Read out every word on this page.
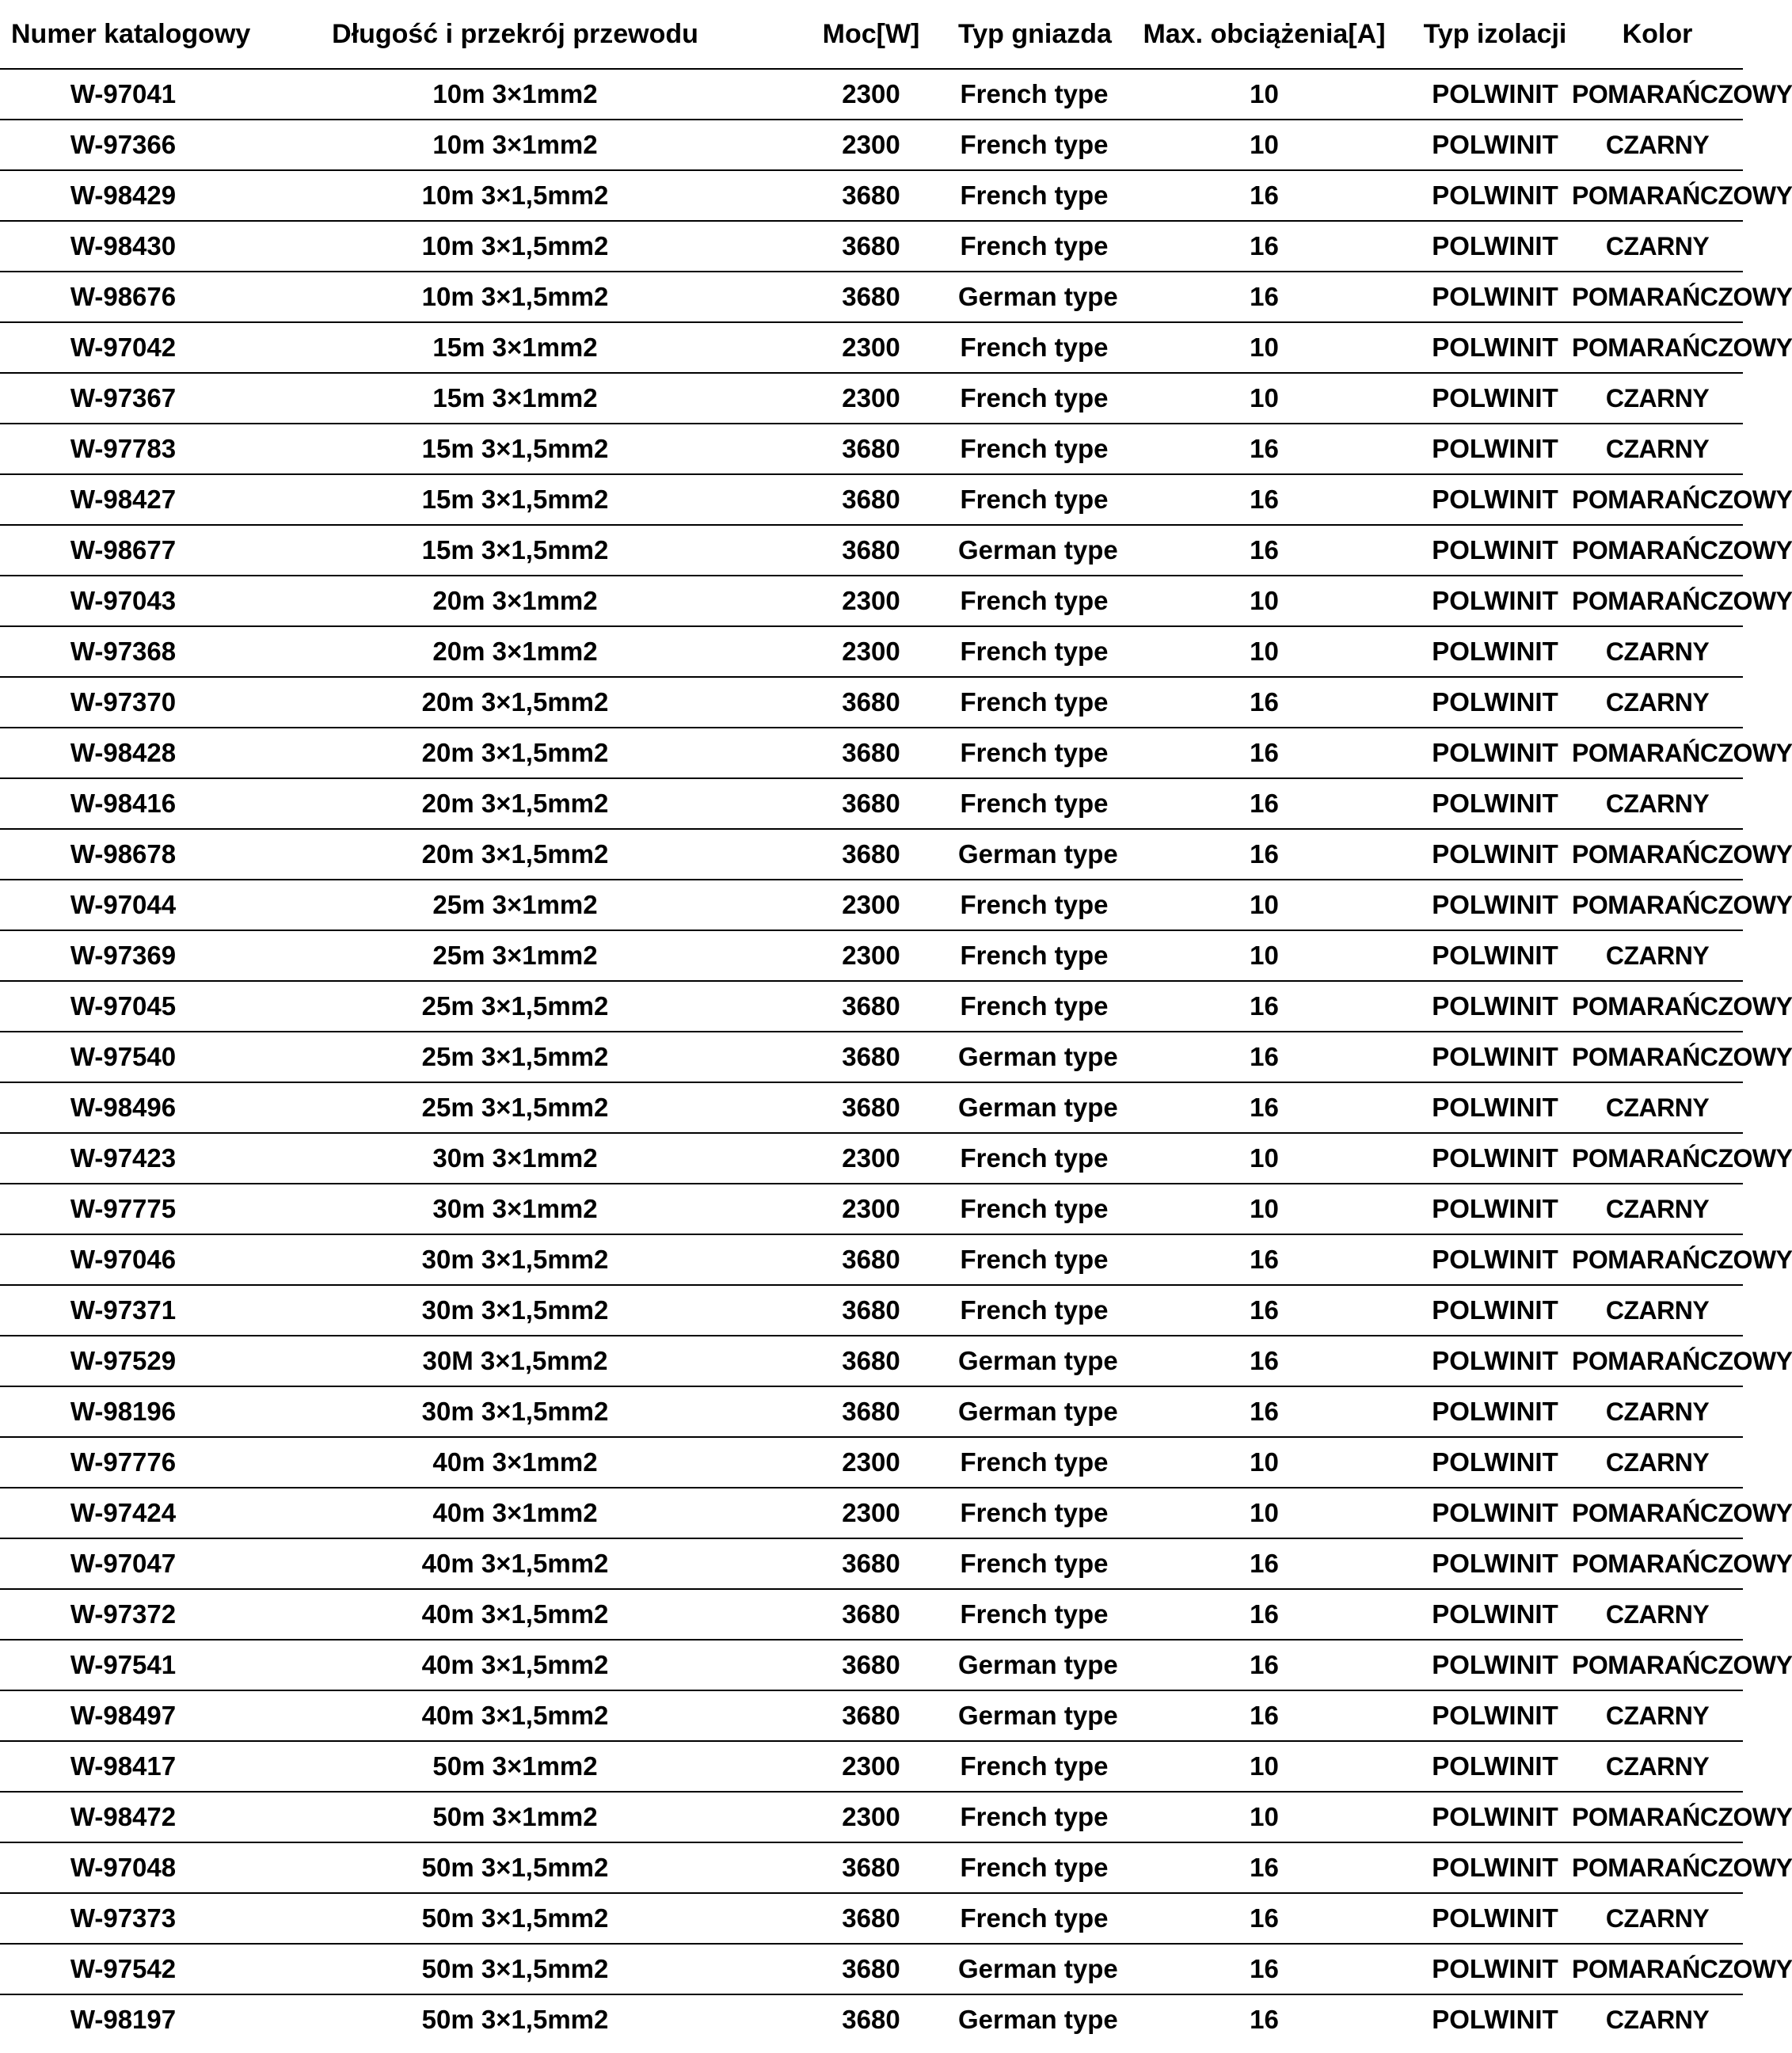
Numer katalogowy	Długość i przekrój przewodu	Moc[W]	Typ gniazda	Max. obciążenia[A]	Typ izolacji	Kolor
W-97041	10m 3×1mm2	2300	French type	10	POLWINIT	POMARAŃCZOWY
W-97366	10m 3×1mm2	2300	French type	10	POLWINIT	CZARNY
W-98429	10m 3×1,5mm2	3680	French type	16	POLWINIT	POMARAŃCZOWY
W-98430	10m 3×1,5mm2	3680	French type	16	POLWINIT	CZARNY
W-98676	10m 3×1,5mm2	3680	German type	16	POLWINIT	POMARAŃCZOWY
W-97042	15m 3×1mm2	2300	French type	10	POLWINIT	POMARAŃCZOWY
W-97367	15m 3×1mm2	2300	French type	10	POLWINIT	CZARNY
W-97783	15m 3×1,5mm2	3680	French type	16	POLWINIT	CZARNY
W-98427	15m 3×1,5mm2	3680	French type	16	POLWINIT	POMARAŃCZOWY
W-98677	15m 3×1,5mm2	3680	German type	16	POLWINIT	POMARAŃCZOWY
W-97043	20m 3×1mm2	2300	French type	10	POLWINIT	POMARAŃCZOWY
W-97368	20m 3×1mm2	2300	French type	10	POLWINIT	CZARNY
W-97370	20m 3×1,5mm2	3680	French type	16	POLWINIT	CZARNY
W-98428	20m 3×1,5mm2	3680	French type	16	POLWINIT	POMARAŃCZOWY
W-98416	20m 3×1,5mm2	3680	French type	16	POLWINIT	CZARNY
W-98678	20m 3×1,5mm2	3680	German type	16	POLWINIT	POMARAŃCZOWY
W-97044	25m 3×1mm2	2300	French type	10	POLWINIT	POMARAŃCZOWY
W-97369	25m 3×1mm2	2300	French type	10	POLWINIT	CZARNY
W-97045	25m 3×1,5mm2	3680	French type	16	POLWINIT	POMARAŃCZOWY
W-97540	25m 3×1,5mm2	3680	German type	16	POLWINIT	POMARAŃCZOWY
W-98496	25m 3×1,5mm2	3680	German type	16	POLWINIT	CZARNY
W-97423	30m 3×1mm2	2300	French type	10	POLWINIT	POMARAŃCZOWY
W-97775	30m 3×1mm2	2300	French type	10	POLWINIT	CZARNY
W-97046	30m 3×1,5mm2	3680	French type	16	POLWINIT	POMARAŃCZOWY
W-97371	30m 3×1,5mm2	3680	French type	16	POLWINIT	CZARNY
W-97529	30M 3×1,5mm2	3680	German type	16	POLWINIT	POMARAŃCZOWY
W-98196	30m 3×1,5mm2	3680	German type	16	POLWINIT	CZARNY
W-97776	40m 3×1mm2	2300	French type	10	POLWINIT	CZARNY
W-97424	40m 3×1mm2	2300	French type	10	POLWINIT	POMARAŃCZOWY
W-97047	40m 3×1,5mm2	3680	French type	16	POLWINIT	POMARAŃCZOWY
W-97372	40m 3×1,5mm2	3680	French type	16	POLWINIT	CZARNY
W-97541	40m 3×1,5mm2	3680	German type	16	POLWINIT	POMARAŃCZOWY
W-98497	40m 3×1,5mm2	3680	German type	16	POLWINIT	CZARNY
W-98417	50m 3×1mm2	2300	French type	10	POLWINIT	CZARNY
W-98472	50m 3×1mm2	2300	French type	10	POLWINIT	POMARAŃCZOWY
W-97048	50m 3×1,5mm2	3680	French type	16	POLWINIT	POMARAŃCZOWY
W-97373	50m 3×1,5mm2	3680	French type	16	POLWINIT	CZARNY
W-97542	50m 3×1,5mm2	3680	German type	16	POLWINIT	POMARAŃCZOWY
W-98197	50m 3×1,5mm2	3680	German type	16	POLWINIT	CZARNY
